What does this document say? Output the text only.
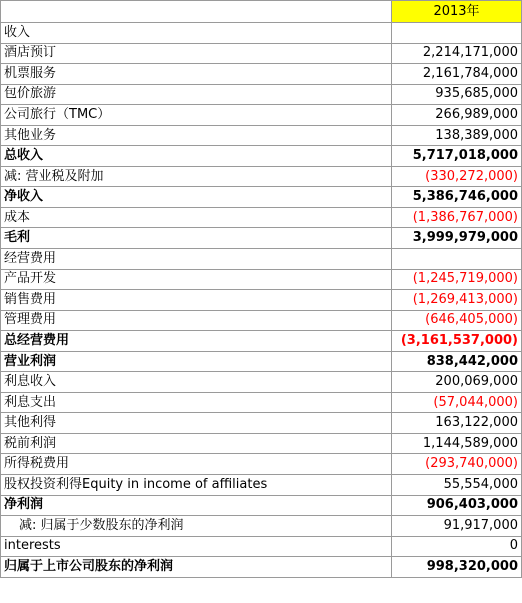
	2013年
收入	
酒店预订	2,214,171,000
机票服务	2,161,784,000
包价旅游	935,685,000
公司旅行（TMC）	266,989,000
其他业务	138,389,000
总收入	5,717,018,000
减: 营业税及附加	(330,272,000)
净收入	5,386,746,000
成本	(1,386,767,000)
毛利	3,999,979,000
经营费用	
产品开发	(1,245,719,000)
销售费用	(1,269,413,000)
管理费用	(646,405,000)
总经营费用	(3,161,537,000)
营业利润	838,442,000
利息收入	200,069,000
利息支出	(57,044,000)
其他利得	163,122,000
税前利润	1,144,589,000
所得税费用	(293,740,000)
股权投资利得Equity in income of affiliates	55,554,000
净利润	906,403,000
减: 归属于少数股东的净利润	91,917,000
interests	0
归属于上市公司股东的净利润	998,320,000
